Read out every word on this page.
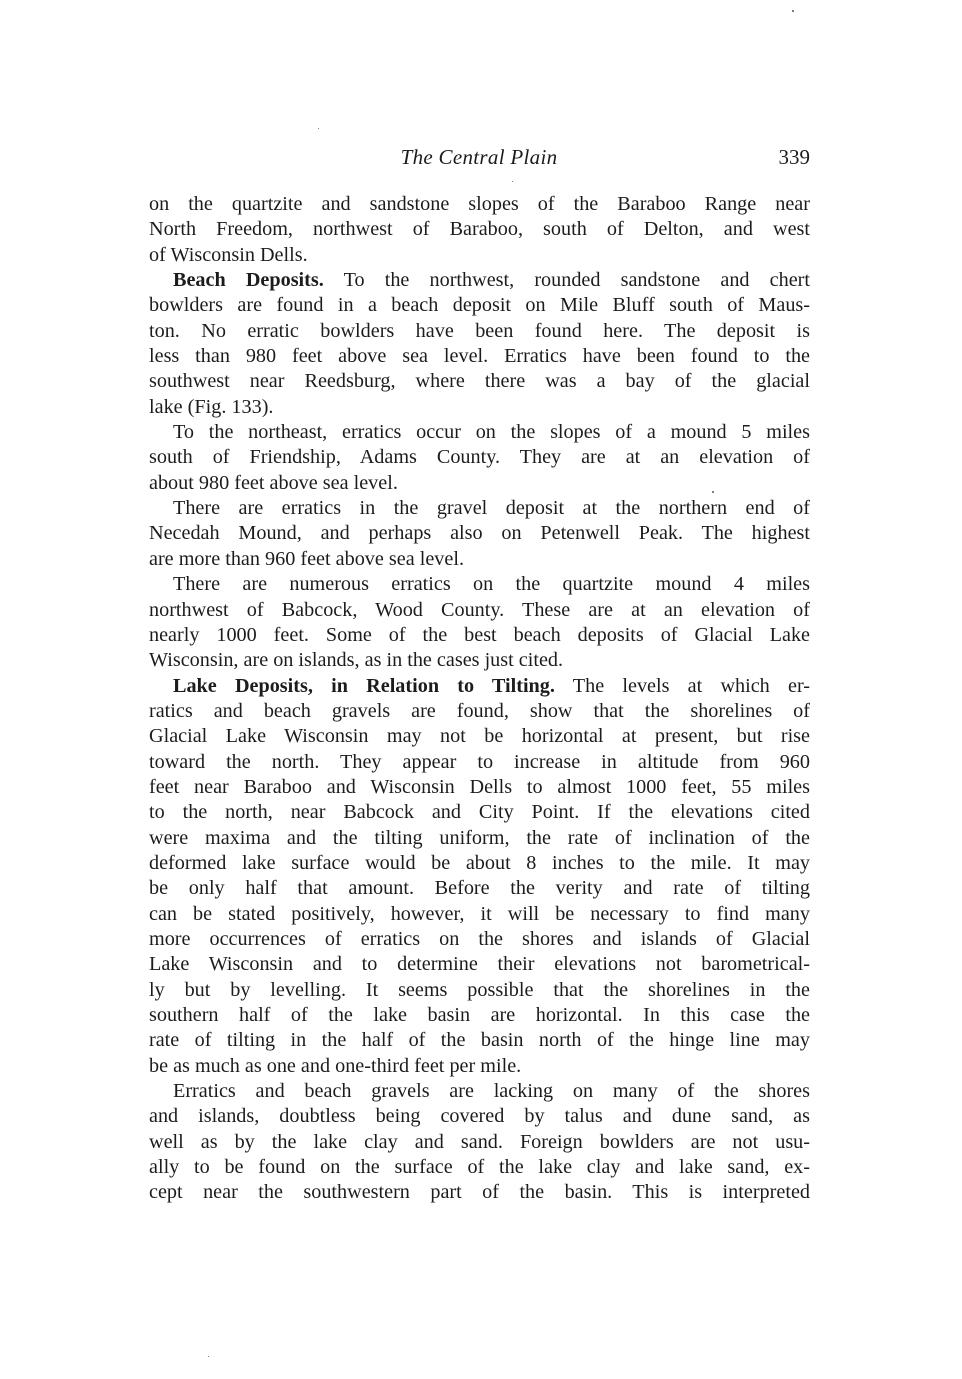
The Central Plain	339

on the quartzite and sandstone slopes of the Baraboo Range near
North Freedom, northwest of Baraboo, south of Delton, and west
of Wisconsin Dells.

Beach Deposits. To the northwest, rounded sandstone and chert
bowlders are found in a beach deposit on Mile Bluff south of Maus-
ton. No erratic bowlders have been found here. The deposit is
less than 980 feet above sea level. Erratics have been found to the
southwest near Reedsburg, where there was a bay of the glacial
lake (Fig. 133).

To the northeast, erratics occur on the slopes of a mound 5 miles
south of Friendship, Adams County. They are at an elevation of
about 980 feet above sea level.

There are erratics in the gravel deposit at the northern end of
Necedah Mound, and perhaps also on Petenwell Peak. The highest
are more than 960 feet above sea level.

There are numerous erratics on the quartzite mound 4 miles
northwest of Babcock, Wood County. These are at an elevation of
nearly 1000 feet. Some of the best beach deposits of Glacial Lake
Wisconsin, are on islands, as in the cases just cited.

Lake Deposits, in Relation to Tilting. The levels at which er-
ratics and beach gravels are found, show that the shorelines of
Glacial Lake Wisconsin may not be horizontal at present, but rise
toward the north. They appear to increase in altitude from 960
feet near Baraboo and Wisconsin Dells to almost 1000 feet, 55 miles
to the north, near Babcock and City Point. If the elevations cited
were maxima and the tilting uniform, the rate of inclination of the
deformed lake surface would be about 8 inches to the mile. It may
be only half that amount. Before the verity and rate of tilting
can be stated positively, however, it will be necessary to find many
more occurrences of erratics on the shores and islands of Glacial
Lake Wisconsin and to determine their elevations not barometrical-
ly but by levelling. It seems possible that the shorelines in the
southern half of the lake basin are horizontal. In this case the
rate of tilting in the half of the basin north of the hinge line may
be as much as one and one-third feet per mile.

Erratics and beach gravels are lacking on many of the shores
and islands, doubtless being covered by talus and dune sand, as
well as by the lake clay and sand. Foreign bowlders are not usu-
ally to be found on the surface of the lake clay and lake sand, ex-
cept near the southwestern part of the basin. This is interpreted
